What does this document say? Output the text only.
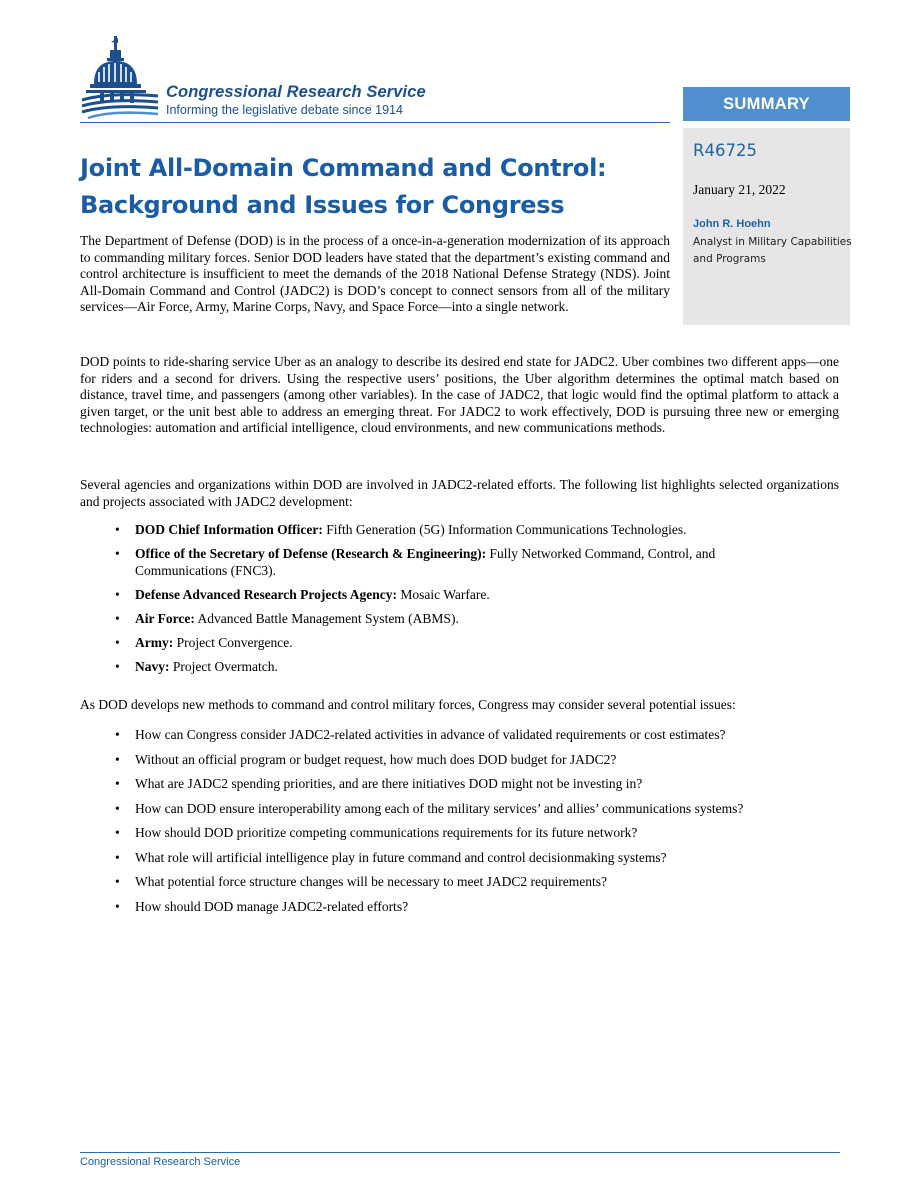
Congressional Research Service
Informing the legislative debate since 1914	SUMMARY
R46725
January 21, 2022
John R. Hoehn
Analyst in Military Capabilities and Programs
Joint All-Domain Command and Control:
Background and Issues for Congress

The Department of Defense (DOD) is in the process of a once-in-a-generation modernization of its approach to commanding military forces. Senior DOD leaders have stated that the department’s existing command and control architecture is insufficient to meet the demands of the 2018 National Defense Strategy (NDS). Joint All-Domain Command and Control (JADC2) is DOD’s concept to connect sensors from all of the military services—Air Force, Army, Marine Corps, Navy, and Space Force—into a single network.

DOD points to ride-sharing service Uber as an analogy to describe its desired end state for JADC2. Uber combines two different apps—one for riders and a second for drivers. Using the respective users’ positions, the Uber algorithm determines the optimal match based on distance, travel time, and passengers (among other variables). In the case of JADC2, that logic would find the optimal platform to attack a given target, or the unit best able to address an emerging threat. For JADC2 to work effectively, DOD is pursuing three new or emerging technologies: automation and artificial intelligence, cloud environments, and new communications methods.

Several agencies and organizations within DOD are involved in JADC2-related efforts. The following list highlights selected organizations and projects associated with JADC2 development:

• DOD Chief Information Officer: Fifth Generation (5G) Information Communications Technologies.
• Office of the Secretary of Defense (Research & Engineering): Fully Networked Command, Control, and Communications (FNC3).
• Defense Advanced Research Projects Agency: Mosaic Warfare.
• Air Force: Advanced Battle Management System (ABMS).
• Army: Project Convergence.
• Navy: Project Overmatch.

As DOD develops new methods to command and control military forces, Congress may consider several potential issues:

• How can Congress consider JADC2-related activities in advance of validated requirements or cost estimates?
• Without an official program or budget request, how much does DOD budget for JADC2?
• What are JADC2 spending priorities, and are there initiatives DOD might not be investing in?
• How can DOD ensure interoperability among each of the military services’ and allies’ communications systems?
• How should DOD prioritize competing communications requirements for its future network?
• What role will artificial intelligence play in future command and control decisionmaking systems?
• What potential force structure changes will be necessary to meet JADC2 requirements?
• How should DOD manage JADC2-related efforts?
Congressional Research Service
